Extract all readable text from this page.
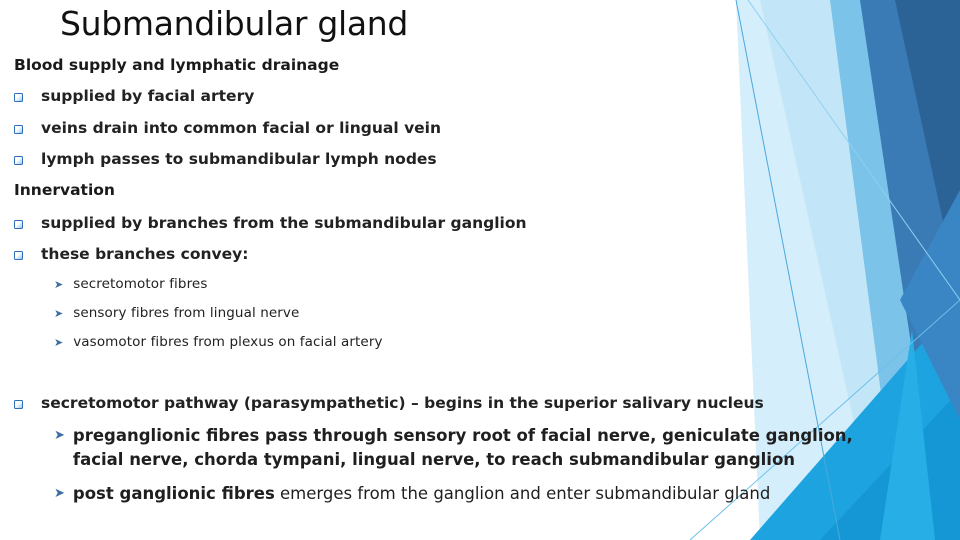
Submandibular gland
Blood supply and lymphatic drainage
supplied by facial artery
veins drain into common facial or lingual vein
lymph passes to submandibular lymph nodes
Innervation
supplied by branches from the submandibular ganglion
these branches convey:
➤ secretomotor fibres
➤ sensory fibres from lingual nerve
➤ vasomotor fibres from plexus on facial artery
secretomotor pathway (parasympathetic) – begins in the superior salivary nucleus
➤ preganglionic fibres pass through sensory root of facial nerve, geniculate ganglion, facial nerve, chorda tympani, lingual nerve, to reach submandibular ganglion
➤ post ganglionic fibres emerges from the ganglion and enter submandibular gland
